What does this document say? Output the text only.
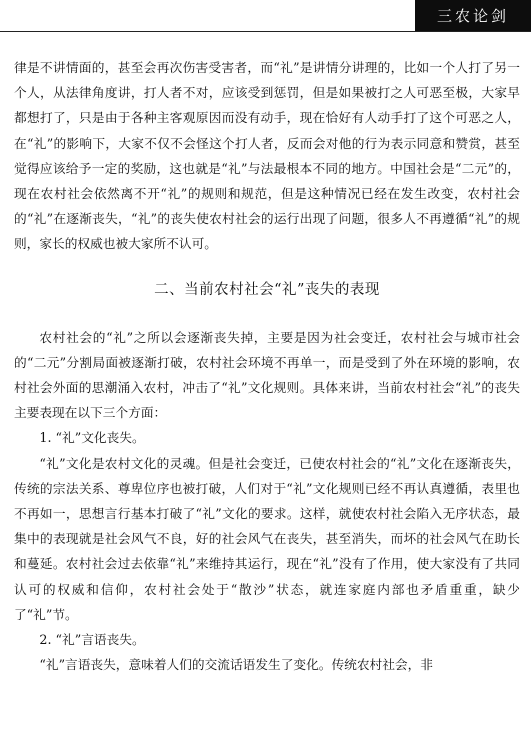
三农论剑

律是不讲情面的，甚至会再次伤害受害者，而“礼”是讲情分讲理的，比如一个人打了另一个人，从法律角度讲，打人者不对，应该受到惩罚，但是如果被打之人可恶至极，大家早都想打了，只是由于各种主客观原因而没有动手，现在恰好有人动手打了这个可恶之人，在“礼”的影响下，大家不仅不会怪这个打人者，反而会对他的行为表示同意和赞赏，甚至觉得应该给予一定的奖励，这也就是“礼”与法最根本不同的地方。中国社会是“二元”的，现在农村社会依然离不开“礼”的规则和规范，但是这种情况已经在发生改变，农村社会的“礼”在逐渐丧失，“礼”的丧失使农村社会的运行出现了问题，很多人不再遵循“礼”的规则，家长的权威也被大家所不认可。

二、当前农村社会“礼”丧失的表现

农村社会的“礼”之所以会逐渐丧失掉，主要是因为社会变迁，农村社会与城市社会的“二元”分割局面被逐渐打破，农村社会环境不再单一，而是受到了外在环境的影响，农村社会外面的思潮涌入农村，冲击了“礼”文化规则。具体来讲，当前农村社会“礼”的丧失主要表现在以下三个方面：

1. “礼”文化丧失。

“礼”文化是农村文化的灵魂。但是社会变迁，已使农村社会的“礼”文化在逐渐丧失，传统的宗法关系、尊卑位序也被打破，人们对于“礼”文化规则已经不再认真遵循，表里也不再如一，思想言行基本打破了“礼”文化的要求。这样，就使农村社会陷入无序状态，最集中的表现就是社会风气不良，好的社会风气在丧失，甚至消失，而坏的社会风气在助长和蔓延。农村社会过去依靠“礼”来维持其运行，现在“礼”没有了作用，使大家没有了共同认可的权威和信仰，农村社会处于“散沙”状态，就连家庭内部也矛盾重重，缺少了“礼”节。

2. “礼”言语丧失。

“礼”言语丧失，意味着人们的交流话语发生了变化。传统农村社会，非
